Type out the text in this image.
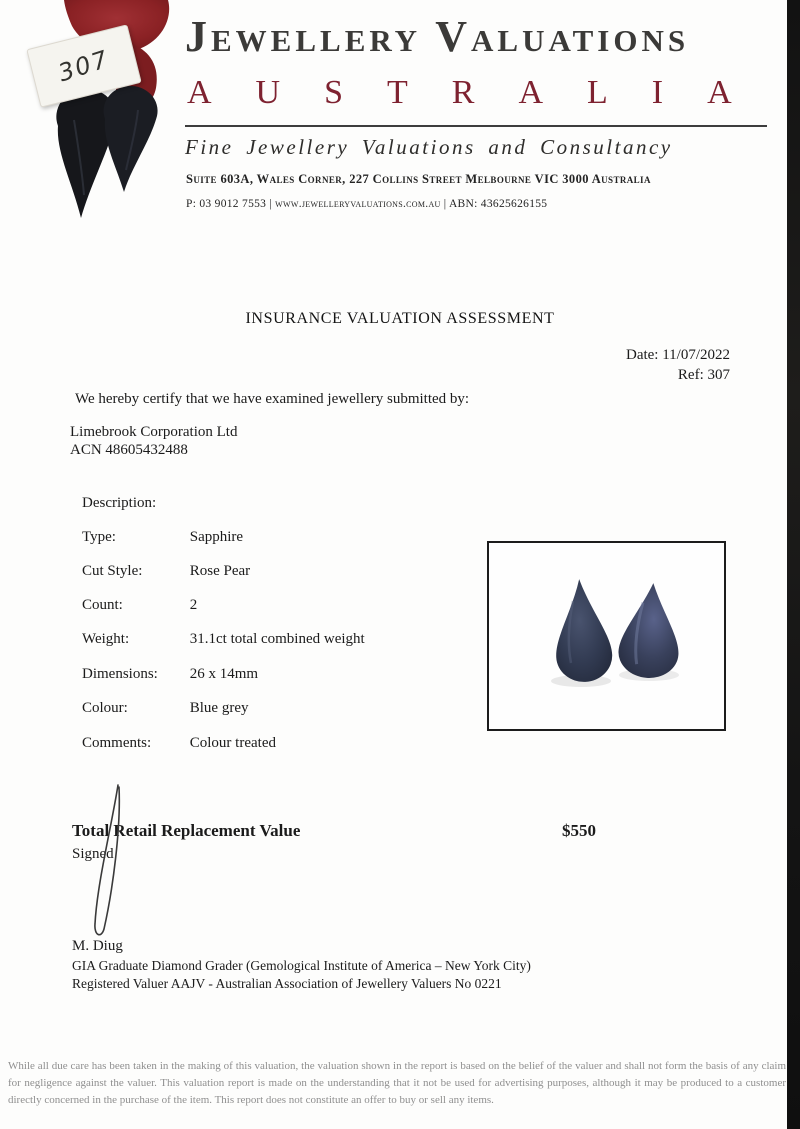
307
Jewellery Valuations
AUSTRALIA
Fine Jewellery Valuations and Consultancy
Suite 603A, Wales Corner, 227 Collins Street Melbourne VIC 3000 Australia
P: 03 9012 7553 | www.jewelleryvaluations.com.au | ABN: 43625626155
INSURANCE VALUATION ASSESSMENT
Date: 11/07/2022
Ref: 307
We hereby certify that we have examined jewellery submitted by:
Limebrook Corporation Ltd
ACN 48605432488
Description:
Type:	Sapphire
Cut Style:	Rose Pear
Count:	2
Weight:	31.1ct total combined weight
Dimensions: 26 x 14mm
Colour:	Blue grey
Comments:	Colour treated
Total Retail Replacement Value	$550
Signed
M. Diug
GIA Graduate Diamond Grader (Gemological Institute of America – New York City)
Registered Valuer AAJV - Australian Association of Jewellery Valuers No 0221
While all due care has been taken in the making of this valuation, the valuation shown in the report is based on the belief of the valuer and shall not form the basis of any claim for negligence against the valuer. This valuation report is made on the understanding that it not be used for advertising purposes, although it may be produced to a customer directly concerned in the purchase of the item. This report does not constitute an offer to buy or sell any items.
